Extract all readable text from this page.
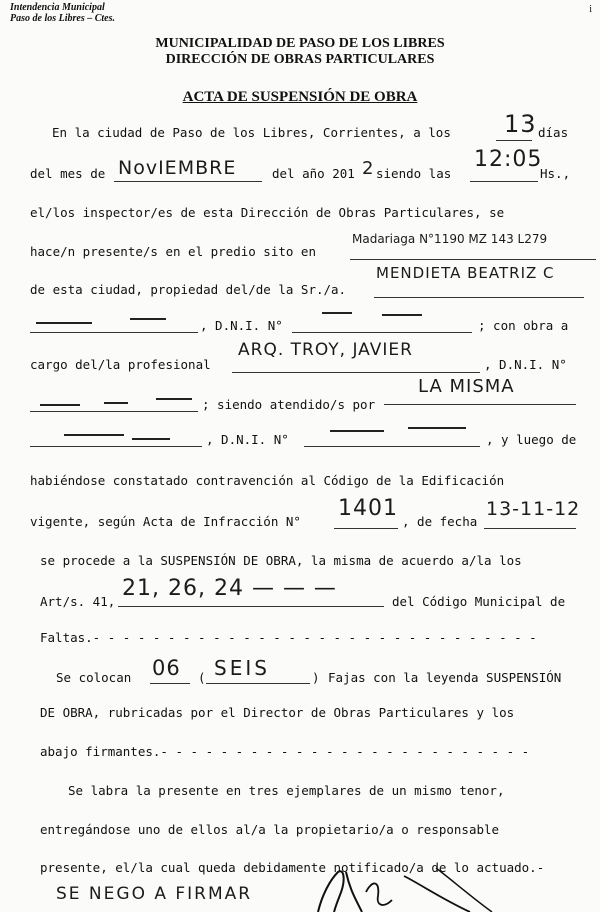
Intendencia Municipal
Paso de los Libres – Ctes.
i
MUNICIPALIDAD DE PASO DE LOS LIBRES
DIRECCIÓN DE OBRAS PARTICULARES
ACTA DE SUSPENSIÓN DE OBRA
En la ciudad de Paso de los Libres, Corrientes, a los 13 días
del mes de NovIEMBRE	del año 201 2 siendo las
12:05
Hs.,
el/los inspector/es de esta Dirección de Obras Particulares, se
hace/n presente/s en el predio sito en
Madariaga N°1190 MZ 143 L279
de esta ciudad, propiedad del/de la Sr./a.
MENDIETA BEATRIZ C
, D.N.I. N°	; con obra a
cargo del/la profesional
ARQ. TROY, JAVIER
, D.N.I. N°
; siendo atendido/s por
LA MISMA
, D.N.I. N°	, y luego de
habiéndose constatado contravención al Código de la Edificación
vigente, según Acta de Infracción N°
1401
, de fecha
13-11-12
se procede a la SUSPENSIÓN DE OBRA, la misma de acuerdo a/la los
Art/s. 41,
21, 26, 24 — — —
del Código Municipal de
Faltas.- - - - - - - - - - - - - - - - - - - - - - - - - - - - - -
Se colocan 06 ( SEIS	) Fajas con la leyenda SUSPENSIÓN
DE OBRA, rubricadas por el Director de Obras Particulares y los
abajo firmantes.- - - - - - - - - - - - - - - - - - - - - - - - -
Se labra la presente en tres ejemplares de un mismo tenor,
entregándose uno de ellos al/a la propietario/a o responsable
presente, el/la cual queda debidamente notificado/a de lo actuado.-
SE NEGO A FIRMAR
